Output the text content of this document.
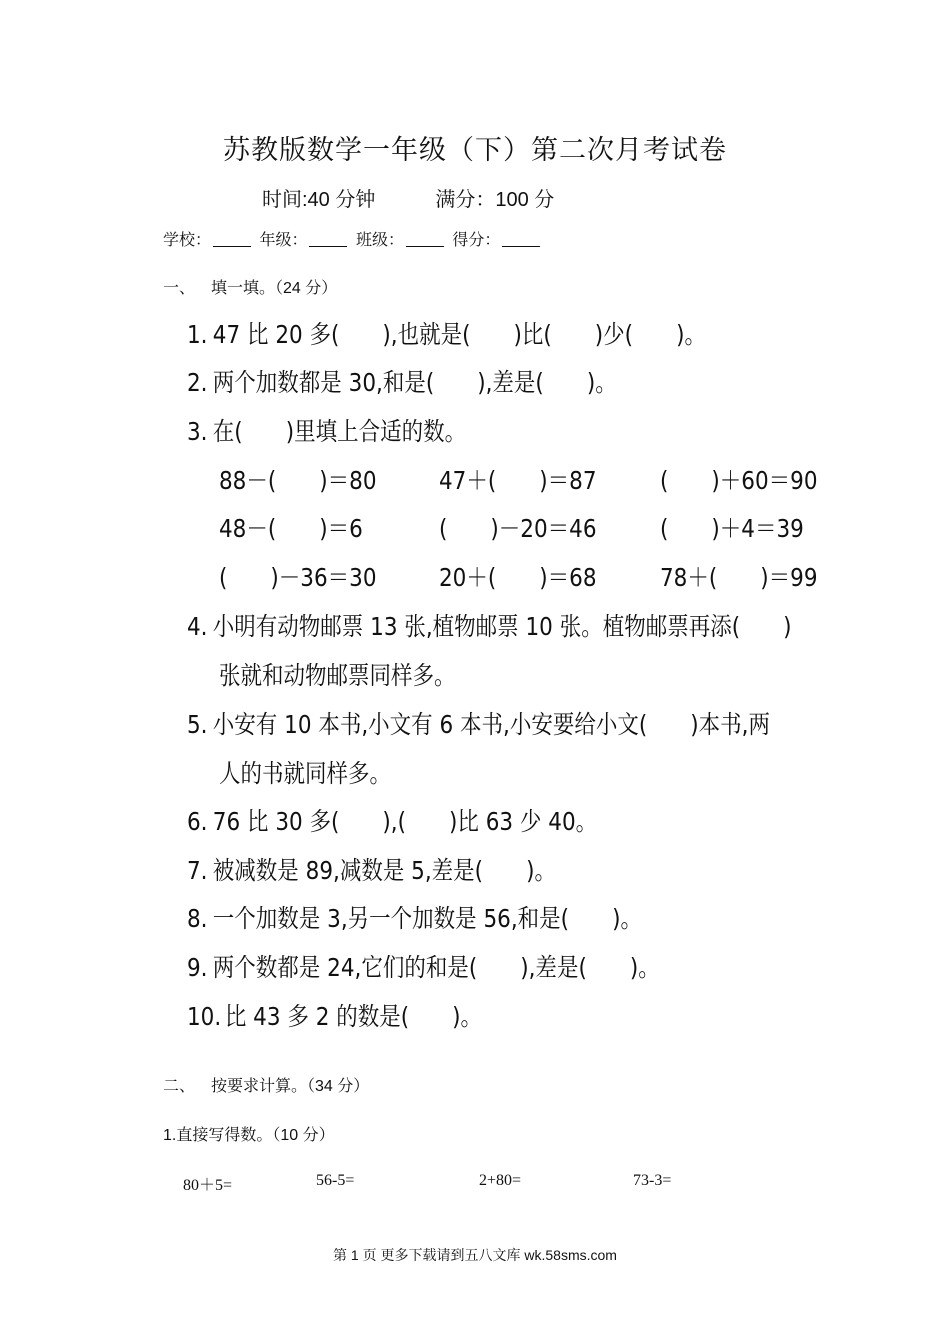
苏教版数学一年级（下）第二次月考试卷
时间:40 分钟	满分：100 分
学校：	年级：	班级：	得分：
一、 填一填。（24 分）
1. 47 比 20 多(　　),也就是(　　)比(　　)少(　　)。
2. 两个加数都是 30,和是(　　),差是(　　)。
3. 在(　　)里填上合适的数。
88－(　　)＝80 47＋(　　)＝87	(　　)＋60＝90
48－(　　)＝6	(　　)－20＝46	(　　)＋4＝39
(　　)－36＝30 20＋(　　)＝68	78＋(　　)＝99
4. 小明有动物邮票 13 张,植物邮票 10 张。植物邮票再添(　　)
张就和动物邮票同样多。
5. 小安有 10 本书,小文有 6 本书,小安要给小文(　　)本书,两
人的书就同样多。
6. 76 比 30 多(　　),(　　)比 63 少 40。
7. 被减数是 89,减数是 5,差是(　　)。
8. 一个加数是 3,另一个加数是 56,和是(　　)。
9. 两个数都是 24,它们的和是(　　),差是(　　)。
10. 比 43 多 2 的数是(　　)。
二、 按要求计算。（34 分）
1.直接写得数。（10 分）
80＋5=	56-5=	2+80=	73-3=
第 1 页 更多下载请到五八文库 wk.58sms.com
